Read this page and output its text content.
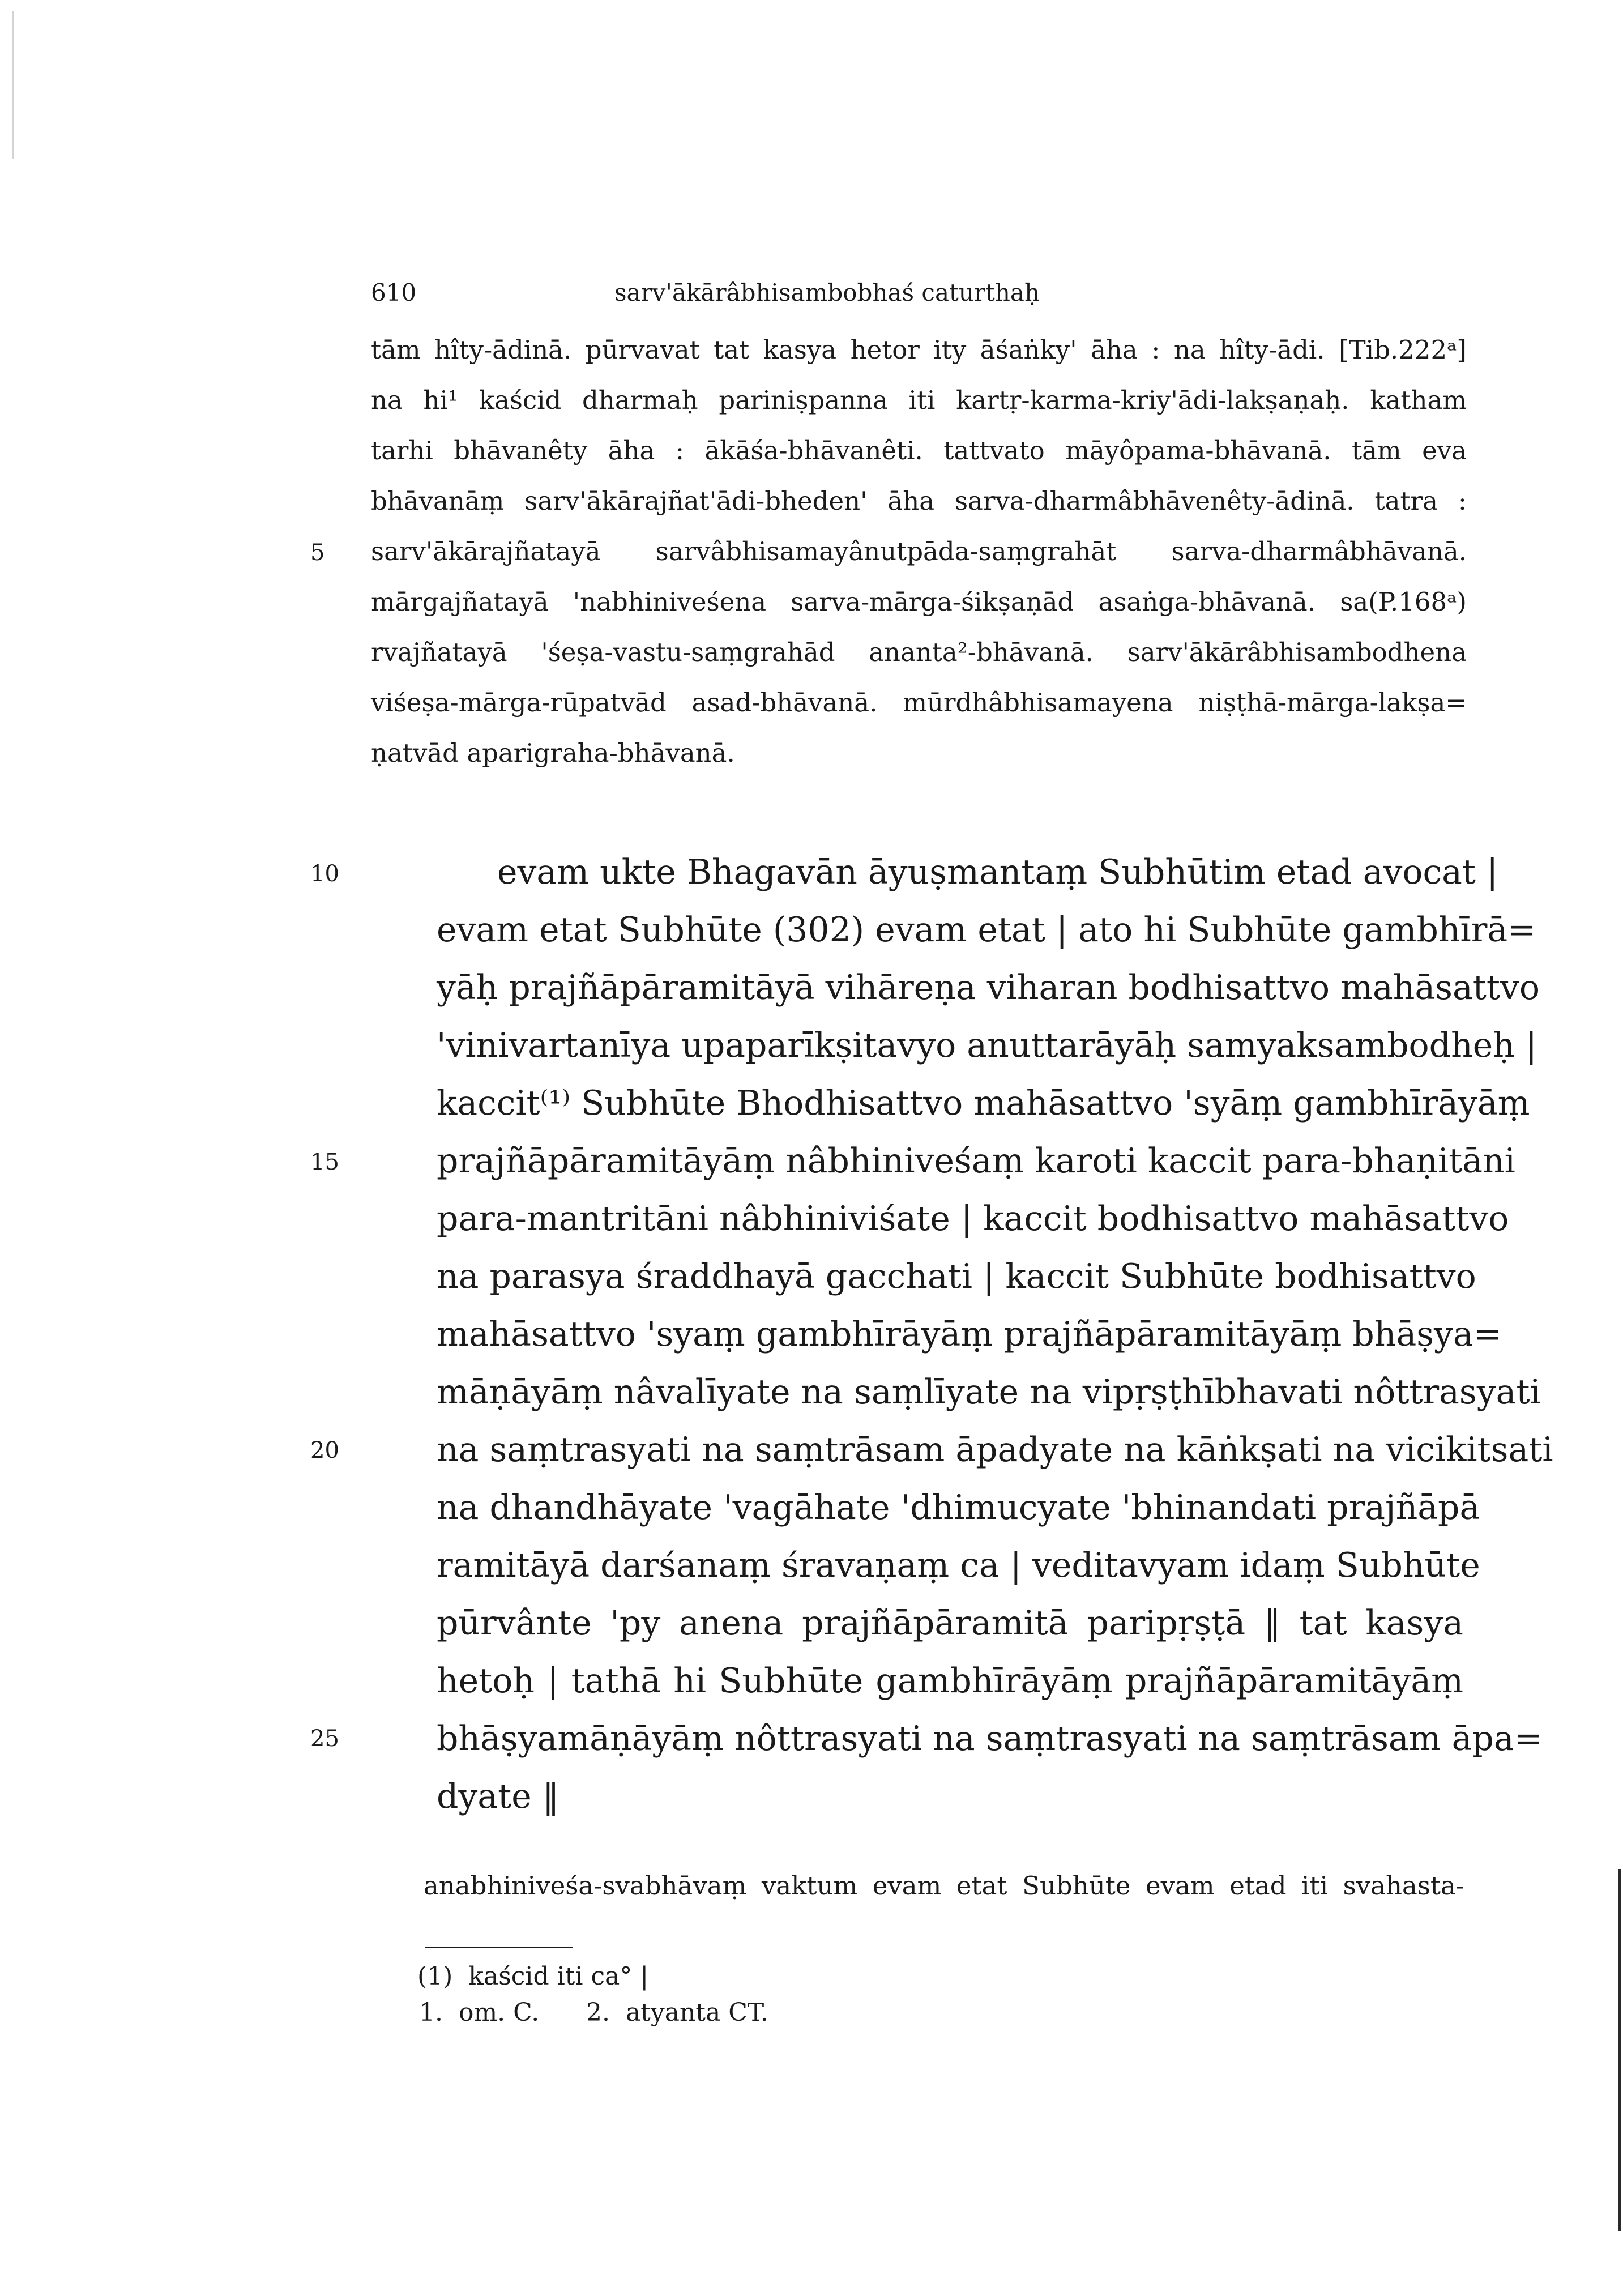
610	sarv'ākārâbhisambobhaś caturthaḥ
tām hîty-ādinā. pūrvavat tat kasya hetor ity āśaṅky' āha : na hîty-ādi. [Tib.222ᵃ]
na hi¹ kaścid dharmaḥ pariniṣpanna iti kartṛ-karma-kriy'ādi-lakṣaṇaḥ. katham
tarhi bhāvanêty āha : ākāśa-bhāvanêti. tattvato māyôpama-bhāvanā. tām eva
bhāvanāṃ sarv'ākārajñat'ādi-bheden' āha sarva-dharmâbhāvenêty-ādinā. tatra :
sarv'ākārajñatayā sarvâbhisamayânutpāda-saṃgrahāt sarva-dharmâbhāvanā.
mārgajñatayā 'nabhiniveśena sarva-mārga-śikṣaṇād asaṅga-bhāvanā. sa(P.168ᵃ)
rvajñatayā 'śeṣa-vastu-saṃgrahād ananta²-bhāvanā. sarv'ākārâbhisambodhena
viśeṣa-mārga-rūpatvād asad-bhāvanā. mūrdhâbhisamayena niṣṭhā-mārga-lakṣa=
ṇatvād aparigraha-bhāvanā.
evam ukte Bhagavān āyuṣmantaṃ Subhūtim etad avocat |
evam etat Subhūte (302) evam etat | ato hi Subhūte gambhīrā=
yāḥ prajñāpāramitāyā vihāreṇa viharan bodhisattvo mahāsattvo
'vinivartanīya upaparīkṣitavyo anuttarāyāḥ samyaksambodheḥ |
kaccit⁽¹⁾ Subhūte Bhodhisattvo mahāsattvo 'syāṃ gambhīrāyāṃ
prajñāpāramitāyāṃ nâbhiniveśaṃ karoti kaccit para-bhaṇitāni
para-mantritāni nâbhiniviśate | kaccit bodhisattvo mahāsattvo
na parasya śraddhayā gacchati | kaccit Subhūte bodhisattvo
mahāsattvo 'syaṃ gambhīrāyāṃ prajñāpāramitāyāṃ bhāṣya=
māṇāyāṃ nâvalīyate na saṃlīyate na vipṛṣṭhībhavati nôttrasyati
na saṃtrasyati na saṃtrāsam āpadyate na kāṅkṣati na vicikitsati
na dhandhāyate 'vagāhate 'dhimucyate 'bhinandati prajñāpā
ramitāyā darśanaṃ śravaṇaṃ ca | veditavyam idaṃ Subhūte
pūrvânte 'py anena prajñāpāramitā paripṛṣṭā ‖ tat kasya
hetoḥ | tathā hi Subhūte gambhīrāyāṃ prajñāpāramitāyāṃ
bhāṣyamāṇāyāṃ nôttrasyati na saṃtrasyati na saṃtrāsam āpa=
dyate ‖
5
10
15
20
25
anabhiniveśa-svabhāvaṃ vaktum evam etat Subhūte evam etad iti svahasta-
(1)  kaścid iti ca° |
1.  om. C. 2.  atyanta CT.
